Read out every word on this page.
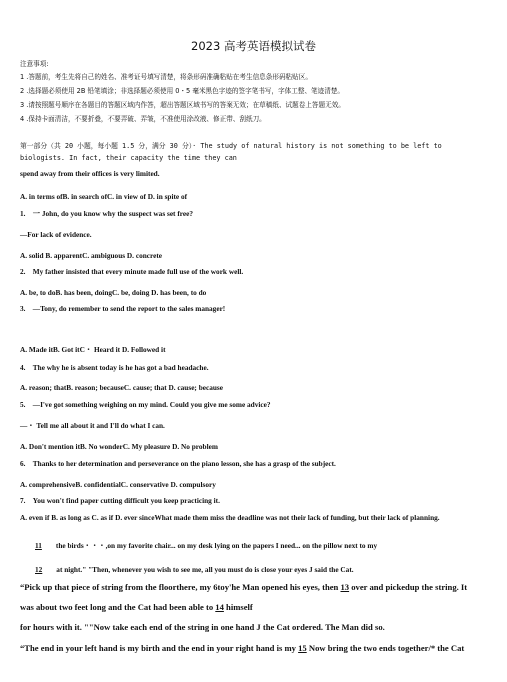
2023 高考英语模拟试卷
注意事项:
1 .答题前，考生先将自己的姓名、准考证号填写清楚，将条形码准确粘贴在考生信息条形码粘贴区。
2 .选择题必须使用 2B 铅笔填涂；非选择题必须使用 0・5 毫米黑色字迹的签字笔书写，字体工整、笔迹清楚。
3 .请按照题号顺序在各题目的答题区域内作答，超出答题区域书写的答案无效；在草稿纸、试题卷上答题无效。
4 .保持卡面清洁，不要折叠，不要弄破、弄皱，不准使用涂改液、修正带、刮纸刀。
第一部分（共 20 小题，每小题 1.5 分，满分 30 分）· The study of natural history is not something to be left to
biologists. In fact, their capacity the time they can
spend away from their offices is very limited.
A. in terms ofB. in search ofC. in view of D. in spite of
1.　一 John, do you know why the suspect was set free?
—For lack of evidence.
A. solid B. apparentC. ambiguous D. concrete
2.　My father insisted that every minute made full use of the work well.
A. be, to doB. has been, doingC. be, doing D. has been, to do
3.　—Tony, do remember to send the report to the sales manager!
A. Made itB. Got itC・ Heard it D. Followed it
4.　The why he is absent today is he has got a bad headache.
A. reason; thatB. reason; becauseC. cause; that D. cause; because
5.　—I've got something weighing on my mind. Could you give me some advice?
—・ Tell me all about it and I'll do what I can.
A. Don't mention itB. No wonderC. My pleasure D. No problem
6.　Thanks to her determination and perseverance on the piano lesson, she has a grasp of the subject.
A. comprehensiveB. confidentialC. conservative D. compulsory
7.　You won't find paper cutting difficult you keep practicing it.
A. even if B. as long as C. as if D. ever sinceWhat made them miss the deadline was not their lack of funding, but their lack of planning.
11 the birds・・・,on my favorite chair... on my desk lying on the papers I need... on the pillow next to my
12 at night." "Then, whenever you wish to see me, all you must do is close your eyes J said the Cat.
“Pick up that piece of string from the floorthere, my 6toy'he Man opened his eyes, then 13 over and pickedup the string. It
was about two feet long and the Cat had been able to 14 himself
for hours with it. ""Now take each end of the string in one hand J the Cat ordered. The Man did so.
“The end in your left hand is my birth and the end in your right hand is my 15 Now bring the two ends together/* the Cat
